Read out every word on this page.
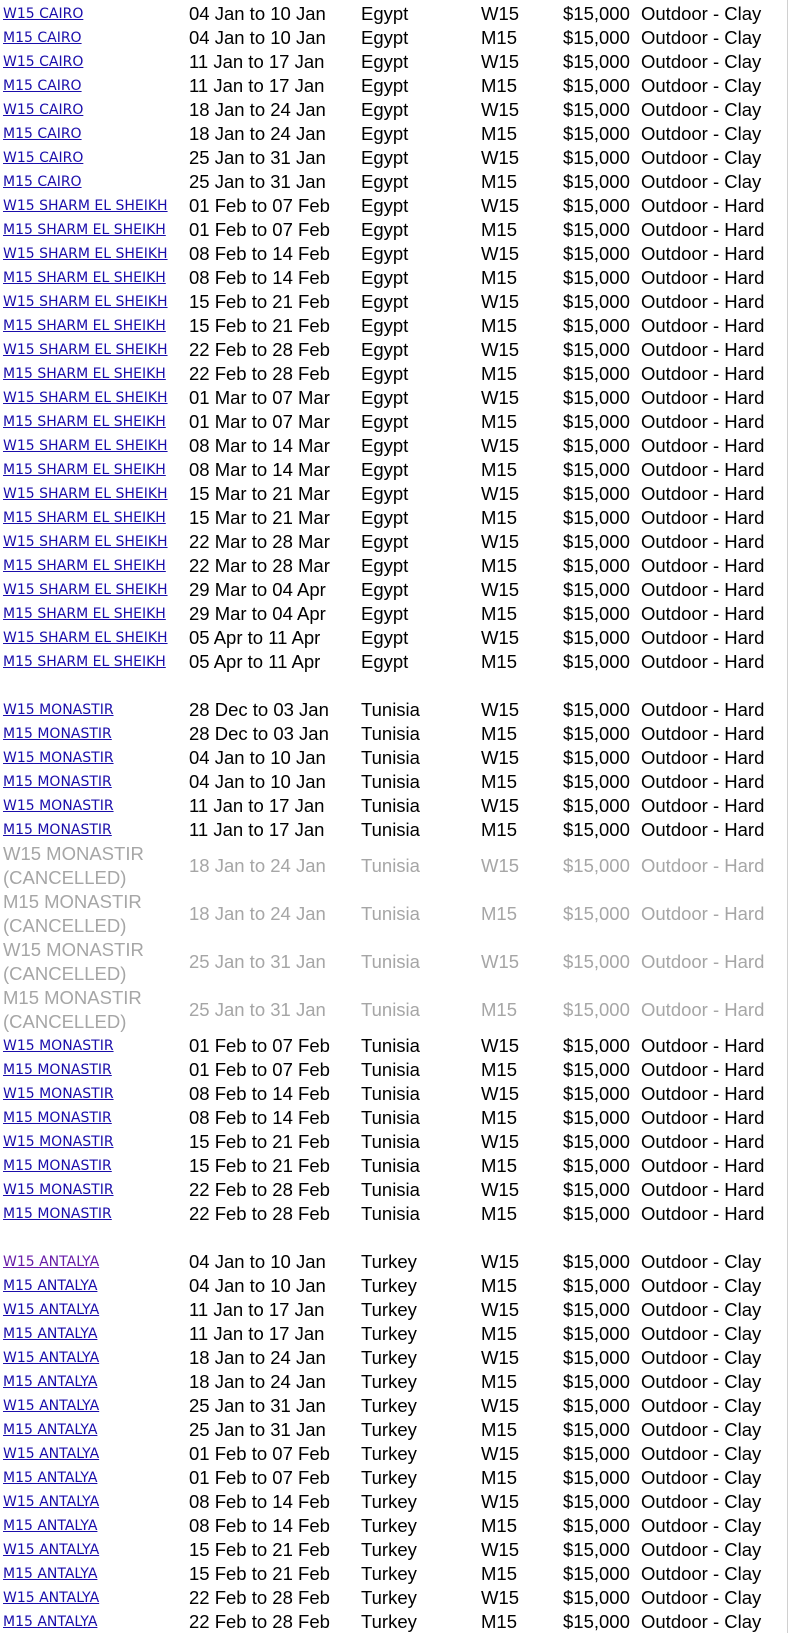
W15 CAIRO	04 Jan to 10 Jan Egypt	W15 $15,000 Outdoor - Clay
M15 CAIRO	04 Jan to 10 Jan Egypt	M15 $15,000 Outdoor - Clay
W15 CAIRO	11 Jan to 17 Jan Egypt	W15 $15,000 Outdoor - Clay
M15 CAIRO	11 Jan to 17 Jan Egypt	M15 $15,000 Outdoor - Clay
W15 CAIRO	18 Jan to 24 Jan Egypt	W15 $15,000 Outdoor - Clay
M15 CAIRO	18 Jan to 24 Jan Egypt	M15 $15,000 Outdoor - Clay
W15 CAIRO	25 Jan to 31 Jan Egypt	W15 $15,000 Outdoor - Clay
M15 CAIRO	25 Jan to 31 Jan Egypt	M15 $15,000 Outdoor - Clay
W15 SHARM EL SHEIKH 01 Feb to 07 Feb Egypt	W15 $15,000 Outdoor - Hard
M15 SHARM EL SHEIKH 01 Feb to 07 Feb Egypt	M15 $15,000 Outdoor - Hard
W15 SHARM EL SHEIKH 08 Feb to 14 Feb Egypt	W15 $15,000 Outdoor - Hard
M15 SHARM EL SHEIKH 08 Feb to 14 Feb Egypt	M15 $15,000 Outdoor - Hard
W15 SHARM EL SHEIKH 15 Feb to 21 Feb Egypt	W15 $15,000 Outdoor - Hard
M15 SHARM EL SHEIKH 15 Feb to 21 Feb Egypt	M15 $15,000 Outdoor - Hard
W15 SHARM EL SHEIKH 22 Feb to 28 Feb Egypt	W15 $15,000 Outdoor - Hard
M15 SHARM EL SHEIKH 22 Feb to 28 Feb Egypt	M15 $15,000 Outdoor - Hard
W15 SHARM EL SHEIKH 01 Mar to 07 Mar Egypt	W15 $15,000 Outdoor - Hard
M15 SHARM EL SHEIKH 01 Mar to 07 Mar Egypt	M15 $15,000 Outdoor - Hard
W15 SHARM EL SHEIKH 08 Mar to 14 Mar Egypt	W15 $15,000 Outdoor - Hard
M15 SHARM EL SHEIKH 08 Mar to 14 Mar Egypt	M15 $15,000 Outdoor - Hard
W15 SHARM EL SHEIKH 15 Mar to 21 Mar Egypt	W15 $15,000 Outdoor - Hard
M15 SHARM EL SHEIKH 15 Mar to 21 Mar Egypt	M15 $15,000 Outdoor - Hard
W15 SHARM EL SHEIKH 22 Mar to 28 Mar Egypt	W15 $15,000 Outdoor - Hard
M15 SHARM EL SHEIKH 22 Mar to 28 Mar Egypt	M15 $15,000 Outdoor - Hard
W15 SHARM EL SHEIKH 29 Mar to 04 Apr Egypt	W15 $15,000 Outdoor - Hard
M15 SHARM EL SHEIKH 29 Mar to 04 Apr Egypt	M15 $15,000 Outdoor - Hard
W15 SHARM EL SHEIKH 05 Apr to 11 Apr Egypt	W15 $15,000 Outdoor - Hard
M15 SHARM EL SHEIKH 05 Apr to 11 Apr Egypt	M15 $15,000 Outdoor - Hard
W15 MONASTIR	28 Dec to 03 Jan Tunisia	W15 $15,000 Outdoor - Hard
M15 MONASTIR	28 Dec to 03 Jan Tunisia	M15 $15,000 Outdoor - Hard
W15 MONASTIR	04 Jan to 10 Jan Tunisia	W15 $15,000 Outdoor - Hard
M15 MONASTIR	04 Jan to 10 Jan Tunisia	M15 $15,000 Outdoor - Hard
W15 MONASTIR	11 Jan to 17 Jan Tunisia	W15 $15,000 Outdoor - Hard
M15 MONASTIR	11 Jan to 17 Jan Tunisia	M15 $15,000 Outdoor - Hard
W15 MONASTIR (CANCELLED)
18 Jan to 24 Jan Tunisia	W15 $15,000 Outdoor - Hard
M15 MONASTIR (CANCELLED)
18 Jan to 24 Jan Tunisia	M15 $15,000 Outdoor - Hard
W15 MONASTIR (CANCELLED)
25 Jan to 31 Jan Tunisia	W15 $15,000 Outdoor - Hard
M15 MONASTIR (CANCELLED)
25 Jan to 31 Jan Tunisia	M15 $15,000 Outdoor - Hard
W15 MONASTIR	01 Feb to 07 Feb Tunisia	W15 $15,000 Outdoor - Hard
M15 MONASTIR	01 Feb to 07 Feb Tunisia	M15 $15,000 Outdoor - Hard
W15 MONASTIR	08 Feb to 14 Feb Tunisia	W15 $15,000 Outdoor - Hard
M15 MONASTIR	08 Feb to 14 Feb Tunisia	M15 $15,000 Outdoor - Hard
W15 MONASTIR	15 Feb to 21 Feb Tunisia	W15 $15,000 Outdoor - Hard
M15 MONASTIR	15 Feb to 21 Feb Tunisia	M15 $15,000 Outdoor - Hard
W15 MONASTIR	22 Feb to 28 Feb Tunisia	W15 $15,000 Outdoor - Hard
M15 MONASTIR	22 Feb to 28 Feb Tunisia	M15 $15,000 Outdoor - Hard
W15 ANTALYA	04 Jan to 10 Jan Turkey	W15 $15,000 Outdoor - Clay
M15 ANTALYA	04 Jan to 10 Jan Turkey	M15 $15,000 Outdoor - Clay
W15 ANTALYA	11 Jan to 17 Jan Turkey	W15 $15,000 Outdoor - Clay
M15 ANTALYA	11 Jan to 17 Jan Turkey	M15 $15,000 Outdoor - Clay
W15 ANTALYA	18 Jan to 24 Jan Turkey	W15 $15,000 Outdoor - Clay
M15 ANTALYA	18 Jan to 24 Jan Turkey	M15 $15,000 Outdoor - Clay
W15 ANTALYA	25 Jan to 31 Jan Turkey	W15 $15,000 Outdoor - Clay
M15 ANTALYA	25 Jan to 31 Jan Turkey	M15 $15,000 Outdoor - Clay
W15 ANTALYA	01 Feb to 07 Feb Turkey	W15 $15,000 Outdoor - Clay
M15 ANTALYA	01 Feb to 07 Feb Turkey	M15 $15,000 Outdoor - Clay
W15 ANTALYA	08 Feb to 14 Feb Turkey	W15 $15,000 Outdoor - Clay
M15 ANTALYA	08 Feb to 14 Feb Turkey	M15 $15,000 Outdoor - Clay
W15 ANTALYA	15 Feb to 21 Feb Turkey	W15 $15,000 Outdoor - Clay
M15 ANTALYA	15 Feb to 21 Feb Turkey	M15 $15,000 Outdoor - Clay
W15 ANTALYA	22 Feb to 28 Feb Turkey	W15 $15,000 Outdoor - Clay
M15 ANTALYA	22 Feb to 28 Feb Turkey	M15 $15,000 Outdoor - Clay
